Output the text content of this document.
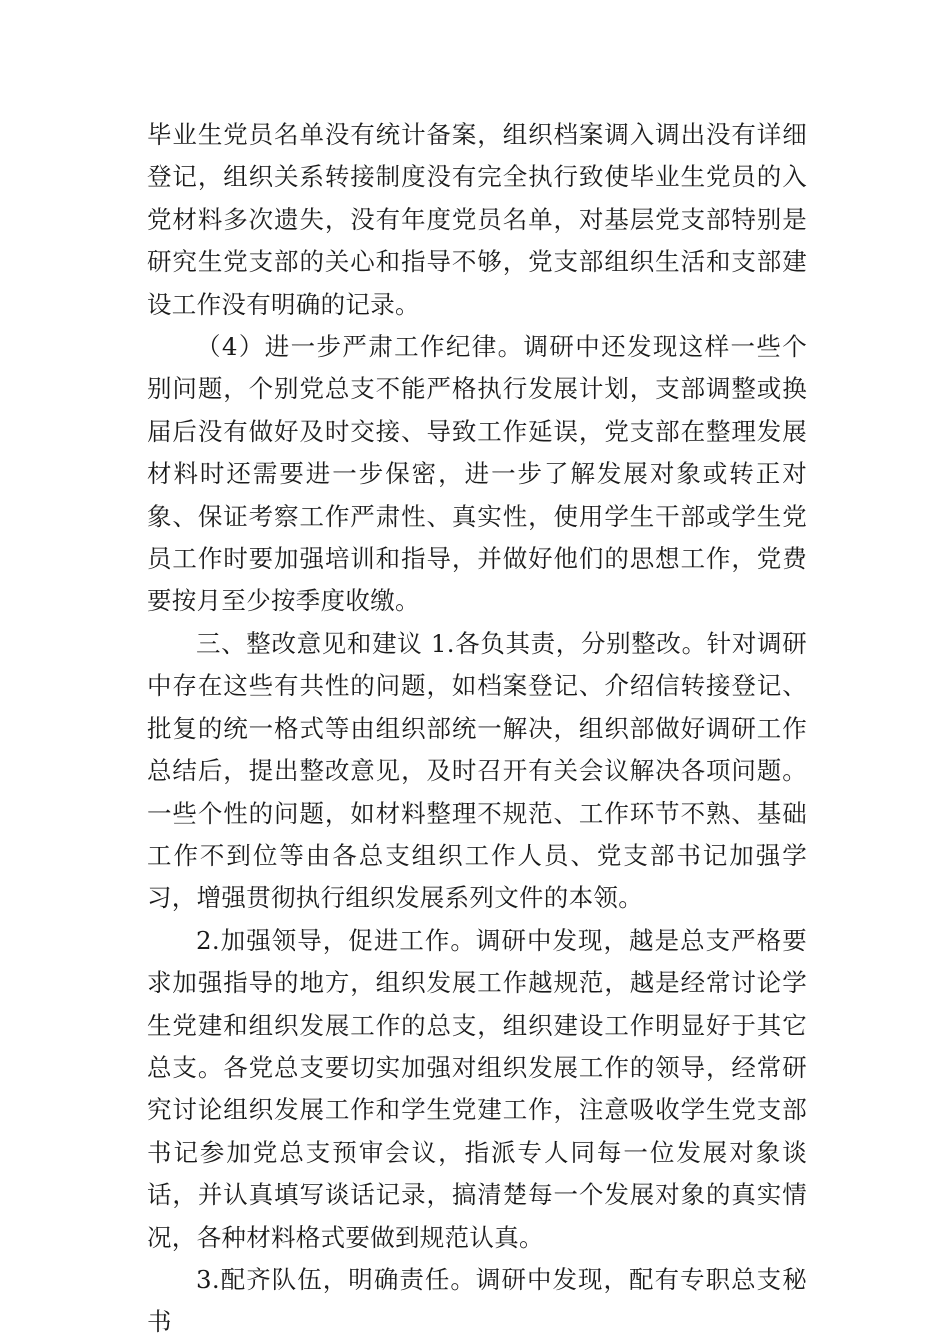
毕业生党员名单没有统计备案，组织档案调入调出没有详细登记，组织关系转接制度没有完全执行致使毕业生党员的入党材料多次遗失，没有年度党员名单，对基层党支部特别是研究生党支部的关心和指导不够，党支部组织生活和支部建设工作没有明确的记录。

（4）进一步严肃工作纪律。调研中还发现这样一些个别问题，个别党总支不能严格执行发展计划，支部调整或换届后没有做好及时交接、导致工作延误，党支部在整理发展材料时还需要进一步保密，进一步了解发展对象或转正对象、保证考察工作严肃性、真实性，使用学生干部或学生党员工作时要加强培训和指导，并做好他们的思想工作，党费要按月至少按季度收缴。

三、整改意见和建议 1.各负其责，分别整改。针对调研中存在这些有共性的问题，如档案登记、介绍信转接登记、批复的统一格式等由组织部统一解决，组织部做好调研工作总结后，提出整改意见，及时召开有关会议解决各项问题。一些个性的问题，如材料整理不规范、工作环节不熟、基础工作不到位等由各总支组织工作人员、党支部书记加强学习，增强贯彻执行组织发展系列文件的本领。

2.加强领导，促进工作。调研中发现，越是总支严格要求加强指导的地方，组织发展工作越规范，越是经常讨论学生党建和组织发展工作的总支，组织建设工作明显好于其它总支。各党总支要切实加强对组织发展工作的领导，经常研究讨论组织发展工作和学生党建工作，注意吸收学生党支部书记参加党总支预审会议，指派专人同每一位发展对象谈话，并认真填写谈话记录，搞清楚每一个发展对象的真实情况，各种材料格式要做到规范认真。

3.配齐队伍，明确责任。调研中发现，配有专职总支秘书
